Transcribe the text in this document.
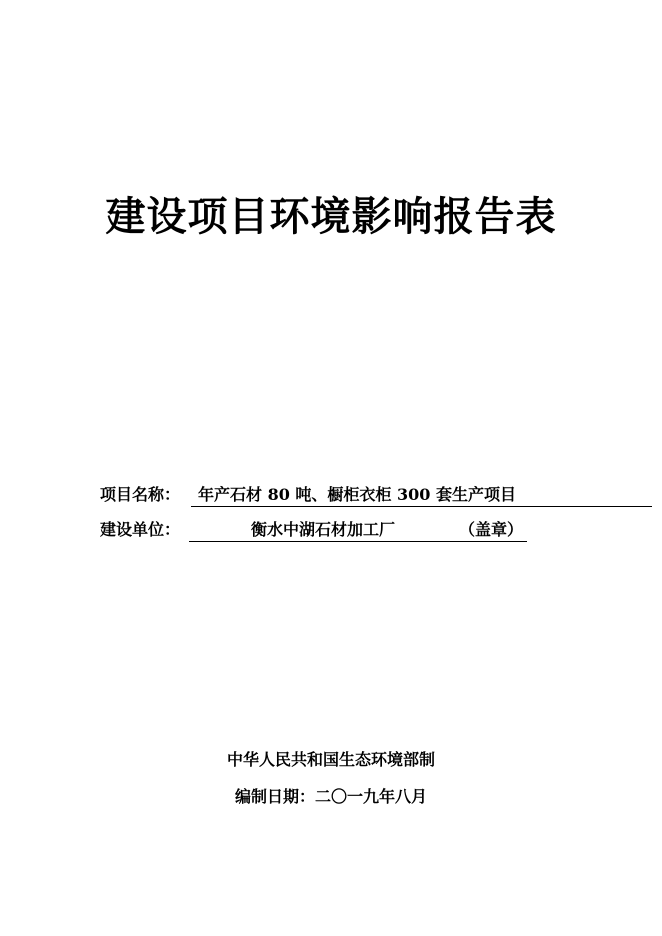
建设项目环境影响报告表
项目名称：	年产石材 80 吨、橱柜衣柜 300 套生产项目
建设单位：	衡水中湖石材加工厂	（盖章）
中华人民共和国生态环境部制
编制日期：二〇一九年八月
